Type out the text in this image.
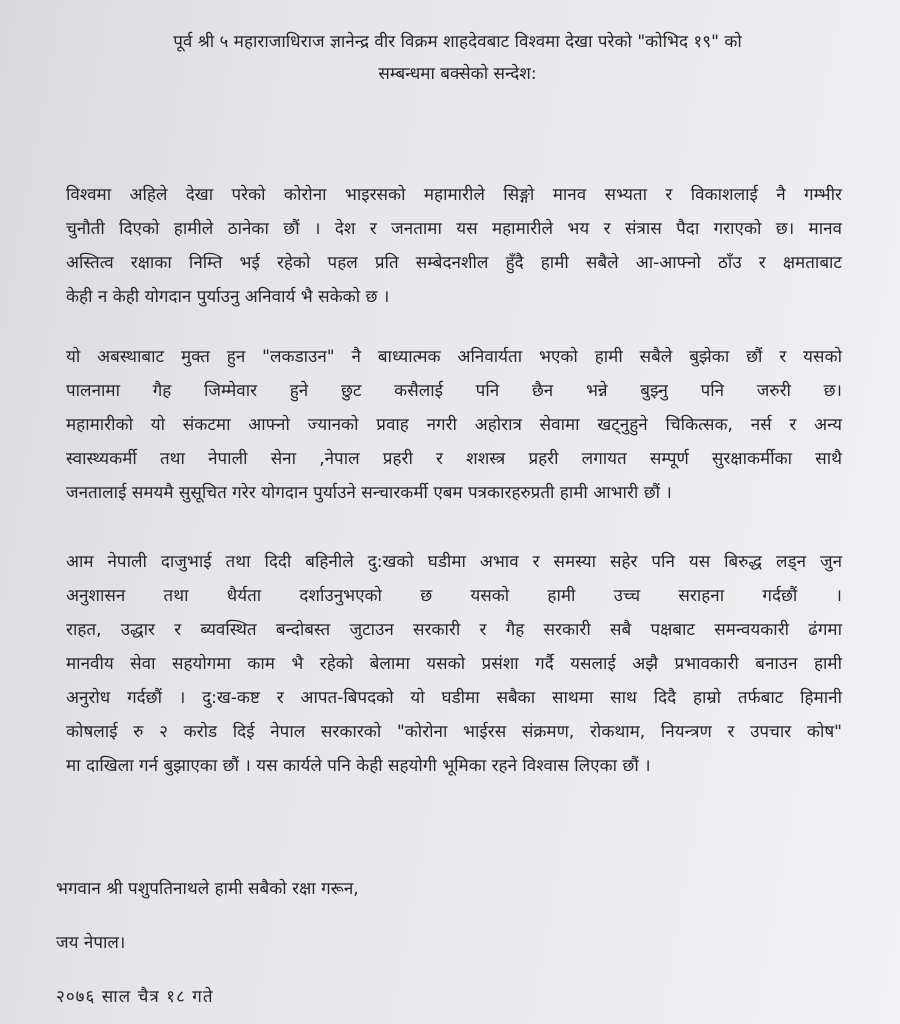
पूर्व श्री ५ महाराजाधिराज ज्ञानेन्द्र वीर विक्रम शाहदेवबाट विश्वमा देखा परेको "कोभिद १९" को
सम्बन्धमा बक्सेको सन्देश:
विश्वमा अहिले देखा परेको कोरोना भाइरसको महामारीले सिङ्गो मानव सभ्यता र विकाशलाई नै गम्भीर
चुनौती दिएको हामीले ठानेका छौं । देश र जनतामा यस महामारीले भय र संत्रास पैदा गराएको छ। मानव
अस्तित्व रक्षाका निम्ति भई रहेको पहल प्रति सम्बेदनशील हुँदै हामी सबैले आ-आफ्नो ठाँउ र क्षमताबाट
केही न केही योगदान पुर्याउनु अनिवार्य भै सकेको छ ।
यो अबस्थाबाट मुक्त हुन "लकडाउन" नै बाध्यात्मक अनिवार्यता भएको हामी सबैले बुझेका छौं र यसको
पालनामा गैह जिम्मेवार हुने छुट कसैलाई पनि छैन भन्ने बुझ्नु पनि जरुरी छ।
महामारीको यो संकटमा आफ्नो ज्यानको प्रवाह नगरी अहोरात्र सेवामा खट्नुहुने चिकित्सक, नर्स र अन्य
स्वास्थ्यकर्मी तथा नेपाली सेना ,नेपाल प्रहरी र शशस्त्र प्रहरी लगायत सम्पूर्ण सुरक्षाकर्मीका साथै
जनतालाई समयमै सुसूचित गरेर योगदान पुर्याउने सन्चारकर्मी एबम पत्रकारहरुप्रती हामी आभारी छौं ।
आम नेपाली दाजुभाई तथा दिदी बहिनीले दु:खको घडीमा अभाव र समस्या सहेर पनि यस बिरुद्ध लड्न जुन
अनुशासन तथा धैर्यता दर्शाउनुभएको छ यसको हामी उच्च सराहना गर्दछौं ।
राहत, उद्धार र ब्यवस्थित बन्दोबस्त जुटाउन सरकारी र गैह सरकारी सबै पक्षबाट समन्वयकारी ढंगमा
मानवीय सेवा सहयोगमा काम भै रहेको बेलामा यसको प्रसंशा गर्दै यसलाई अझै प्रभावकारी बनाउन हामी
अनुरोध गर्दछौं । दु:ख-कष्ट र आपत-बिपदको यो घडीमा सबैका साथमा साथ दिदै हाम्रो तर्फबाट हिमानी
कोषलाई रु २ करोड दिई नेपाल सरकारको "कोरोना भाईरस संक्रमण, रोकथाम, नियन्त्रण र उपचार कोष"
मा दाखिला गर्न बुझाएका छौं । यस कार्यले पनि केही सहयोगी भूमिका रहने विश्वास लिएका छौं ।
भगवान श्री पशुपतिनाथले हामी सबैको रक्षा गरून,
जय नेपाल।
२०७६ साल चैत्र १८ गते
